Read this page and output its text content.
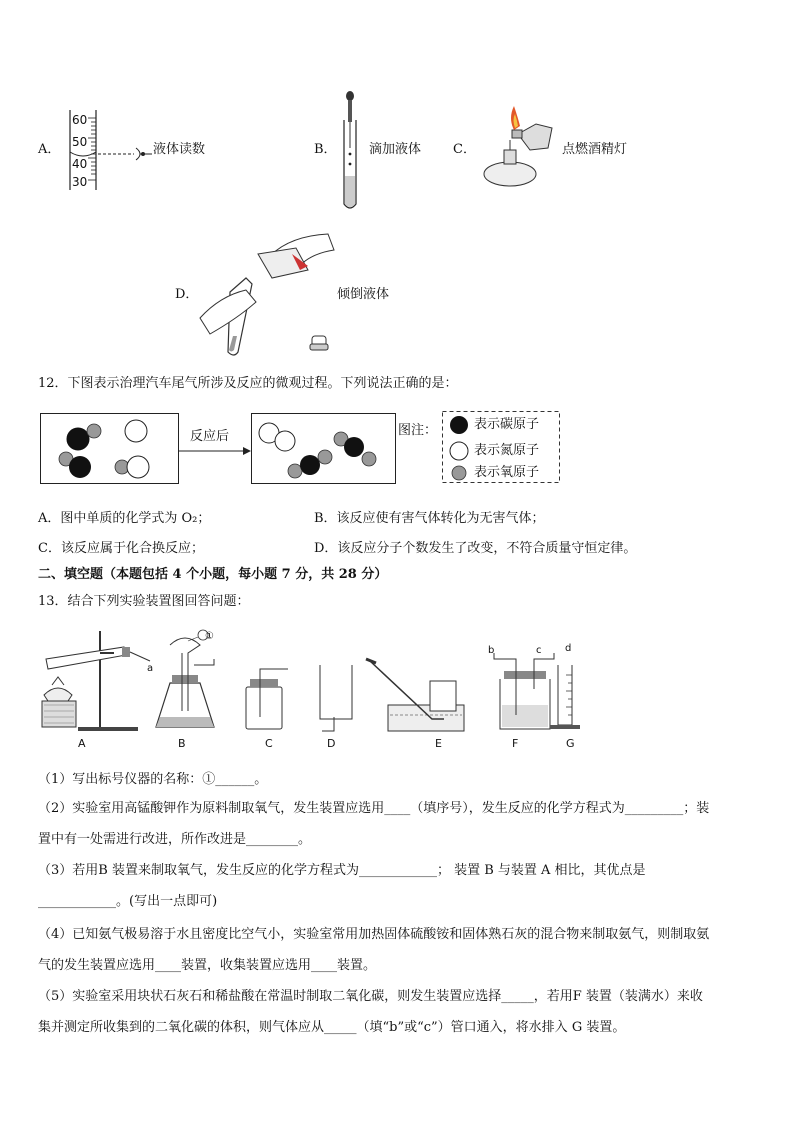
A．
60
50
40
30
液体读数	B． 滴加液体 C．	点燃酒精灯
D．	倾倒液体
12．下图表示治理汽车尾气所涉及反应的微观过程。下列说法正确的是：
反应后	图注：	表示碳原子
表示氮原子
表示氧原子
A．图中单质的化学式为 O₂；	B．该反应使有害气体转化为无害气体；
C．该反应属于化合换反应；	D．该反应分子个数发生了改变，不符合质量守恒定律。
二、填空题（本题包括 4 个小题，每小题 7 分，共 28 分）
13．结合下列实验装置图回答问题：
①
a
b	c d
A	B	C	D	E	F	G
（1）写出标号仪器的名称：①______。
（2）实验室用高锰酸钾作为原料制取氧气，发生装置应选用____（填序号），发生反应的化学方程式为_________；装
置中有一处需进行改进，所作改进是________。
（3）若用B 装置来制取氧气，发生反应的化学方程式为____________； 装置 B 与装置 A 相比，其优点是
____________。(写出一点即可)
（4）已知氨气极易溶于水且密度比空气小，实验室常用加热固体硫酸铵和固体熟石灰的混合物来制取氨气，则制取氨
气的发生装置应选用____装置，收集装置应选用____装置。
（5）实验室采用块状石灰石和稀盐酸在常温时制取二氧化碳，则发生装置应选择_____，若用F 装置（装满水）来收
集并测定所收集到的二氧化碳的体积，则气体应从_____（填“b”或“c”）管口通入，将水排入 G 装置。
